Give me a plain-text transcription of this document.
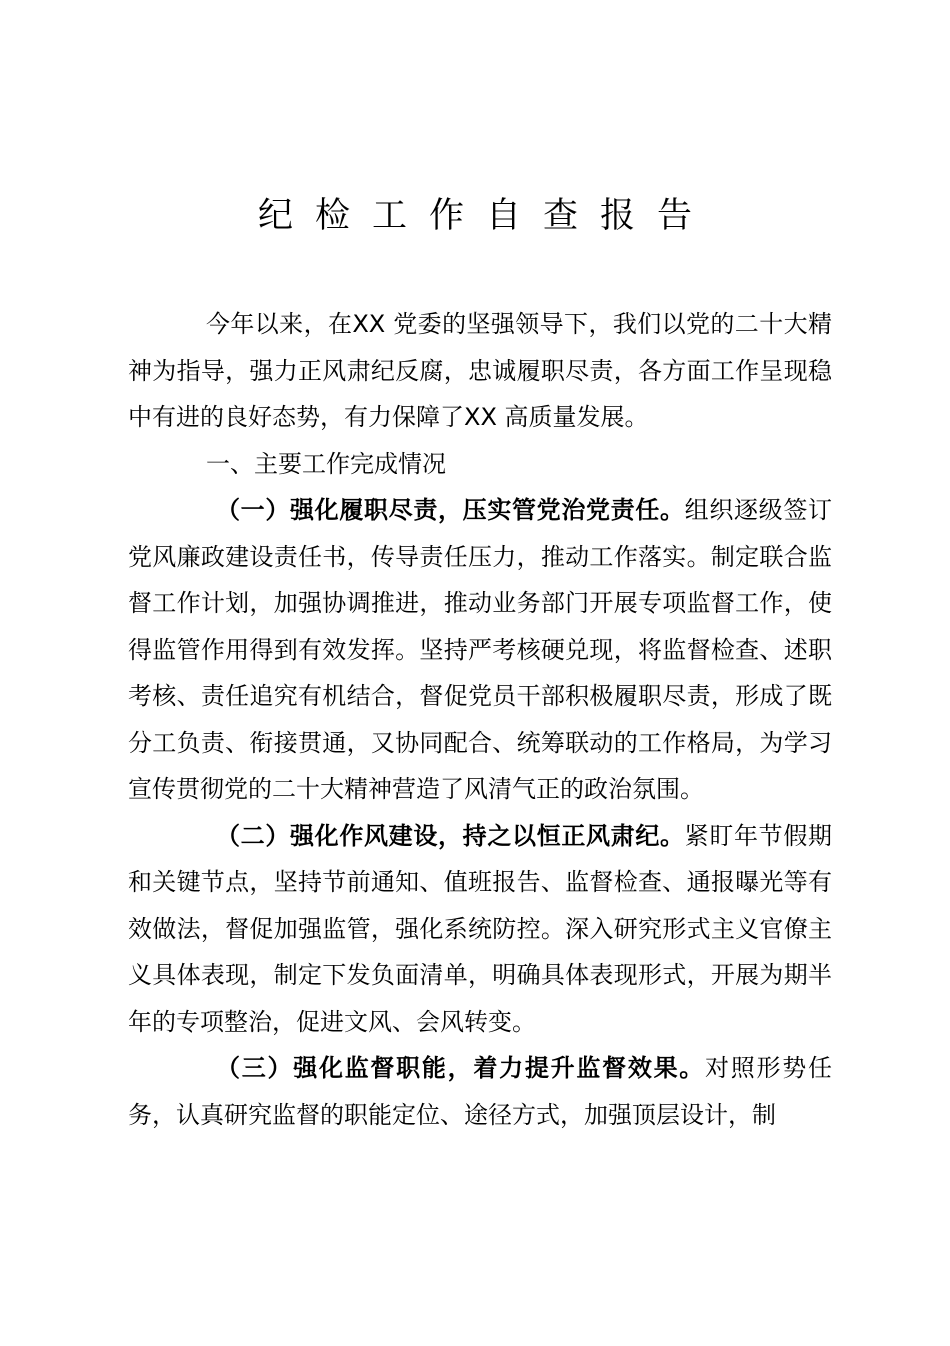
纪检工作自查报告

今年以来，在XX 党委的坚强领导下，我们以党的二十大精神为指导，强力正风肃纪反腐，忠诚履职尽责，各方面工作呈现稳中有进的良好态势，有力保障了XX 高质量发展。

一、主要工作完成情况

（一）强化履职尽责，压实管党治党责任。组织逐级签订党风廉政建设责任书，传导责任压力，推动工作落实。制定联合监督工作计划，加强协调推进，推动业务部门开展专项监督工作，使得监管作用得到有效发挥。坚持严考核硬兑现，将监督检查、述职考核、责任追究有机结合，督促党员干部积极履职尽责，形成了既分工负责、衔接贯通，又协同配合、统筹联动的工作格局，为学习宣传贯彻党的二十大精神营造了风清气正的政治氛围。

（二）强化作风建设，持之以恒正风肃纪。紧盯年节假期和关键节点，坚持节前通知、值班报告、监督检查、通报曝光等有效做法，督促加强监管，强化系统防控。深入研究形式主义官僚主义具体表现，制定下发负面清单，明确具体表现形式，开展为期半年的专项整治，促进文风、会风转变。

（三）强化监督职能，着力提升监督效果。对照形势任务，认真研究监督的职能定位、途径方式，加强顶层设计，制
